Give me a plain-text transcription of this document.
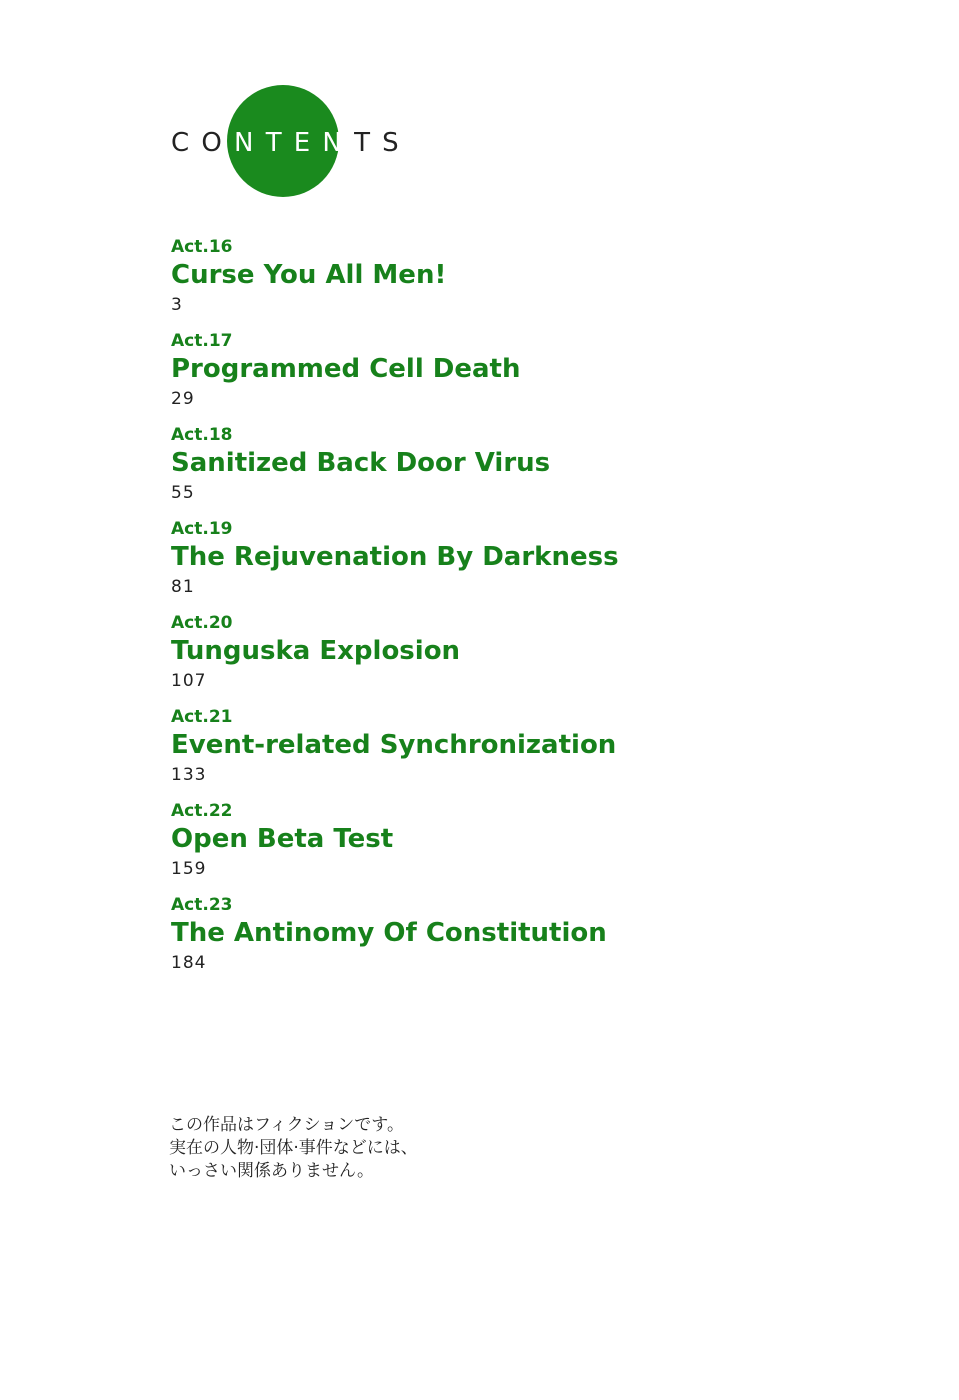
C O N T E N T S
Act.16
Curse You All Men!
3
Act.17
Programmed Cell Death
29
Act.18
Sanitized Back Door Virus
55
Act.19
The Rejuvenation By Darkness
81
Act.20
Tunguska Explosion
107
Act.21
Event-related Synchronization
133
Act.22
Open Beta Test
159
Act.23
The Antinomy Of Constitution
184

この作品はフィクションです。

実在の人物·団体·事件などには、

いっさい関係ありません。
